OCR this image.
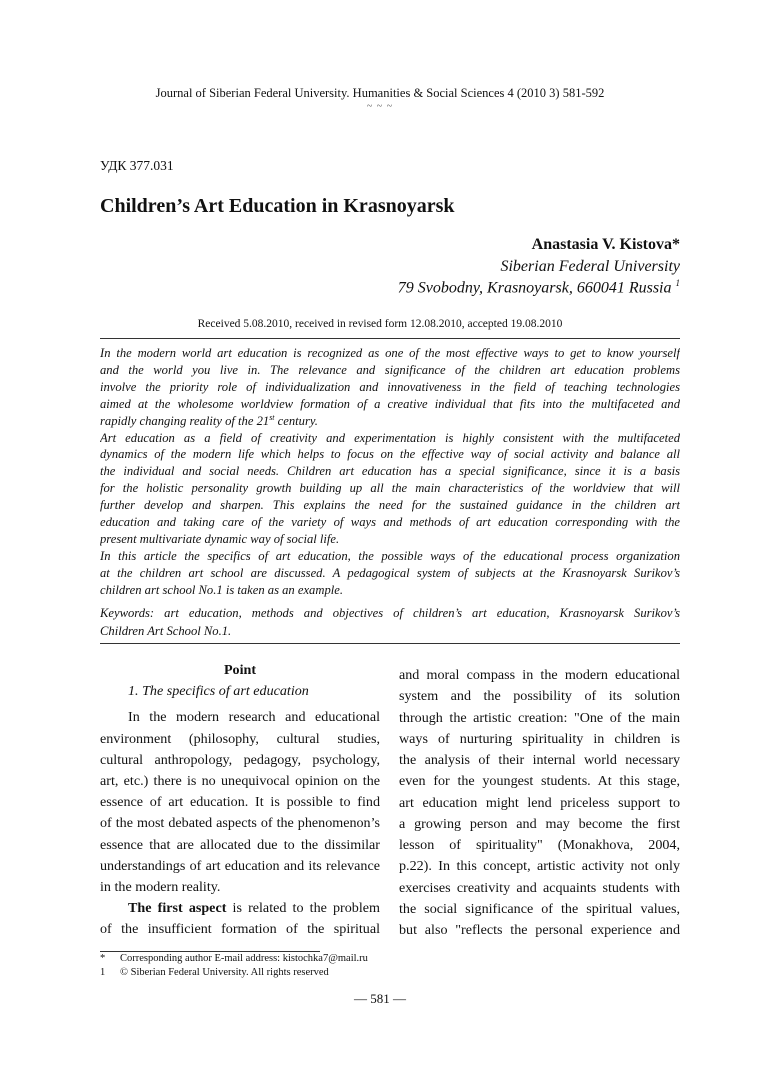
Journal of Siberian Federal University. Humanities & Social Sciences 4 (2010 3) 581-592
~ ~ ~
УДК 377.031
Children’s Art Education in Krasnoyarsk
Anastasia V. Kistova*
Siberian Federal University
79 Svobodny, Krasnoyarsk, 660041 Russia $^1$
Received 5.08.2010, received in revised form 12.08.2010, accepted 19.08.2010
In the modern world art education is recognized as one of the most effective ways to get to know yourself
and the world you live in. The relevance and significance of the children art education problems
involve the priority role of individualization and innovativeness in the field of teaching technologies
aimed at the wholesome worldview formation of a creative individual that fits into the multifaceted and
rapidly changing reality of the 21st century.
Art education as a field of creativity and experimentation is highly consistent with the multifaceted
dynamics of the modern life which helps to focus on the effective way of social activity and balance all
the individual and social needs. Children art education has a special significance, since it is a basis
for the holistic personality growth building up all the main characteristics of the worldview that will
further develop and sharpen. This explains the need for the sustained guidance in the children art
education and taking care of the variety of ways and methods of art education corresponding with the
present multivariate dynamic way of social life.
In this article the specifics of art education, the possible ways of the educational process organization
at the children art school are discussed. A pedagogical system of subjects at the Krasnoyarsk Surikov’s
children art school No.1 is taken as an example.
Keywords: art education, methods and objectives of children’s art education, Krasnoyarsk Surikov’s
Children Art School No.1.
Point
1. The specifics of art education
In the modern research and educational
environment (philosophy, cultural studies,
cultural anthropology, pedagogy, psychology,
art, etc.) there is no unequivocal opinion on the
essence of art education. It is possible to find
of the most debated aspects of the phenomenon’s
essence that are allocated due to the dissimilar
understandings of art education and its relevance
in the modern reality.
The first aspect is related to the problem
of the insufficient formation of the spiritual
and moral compass in the modern educational
system and the possibility of its solution
through the artistic creation: "One of the main
ways of nurturing spirituality in children is
the analysis of their internal world necessary
even for the youngest students. At this stage,
art education might lend priceless support to
a growing person and may become the first
lesson of spirituality" (Monakhova, 2004,
p.22). In this concept, artistic activity not only
exercises creativity and acquaints students with
the social significance of the spiritual values,
but also "reflects the personal experience and
* Corresponding author E-mail address: kistochka7@mail.ru
1 © Siberian Federal University. All rights reserved
— 581 —
